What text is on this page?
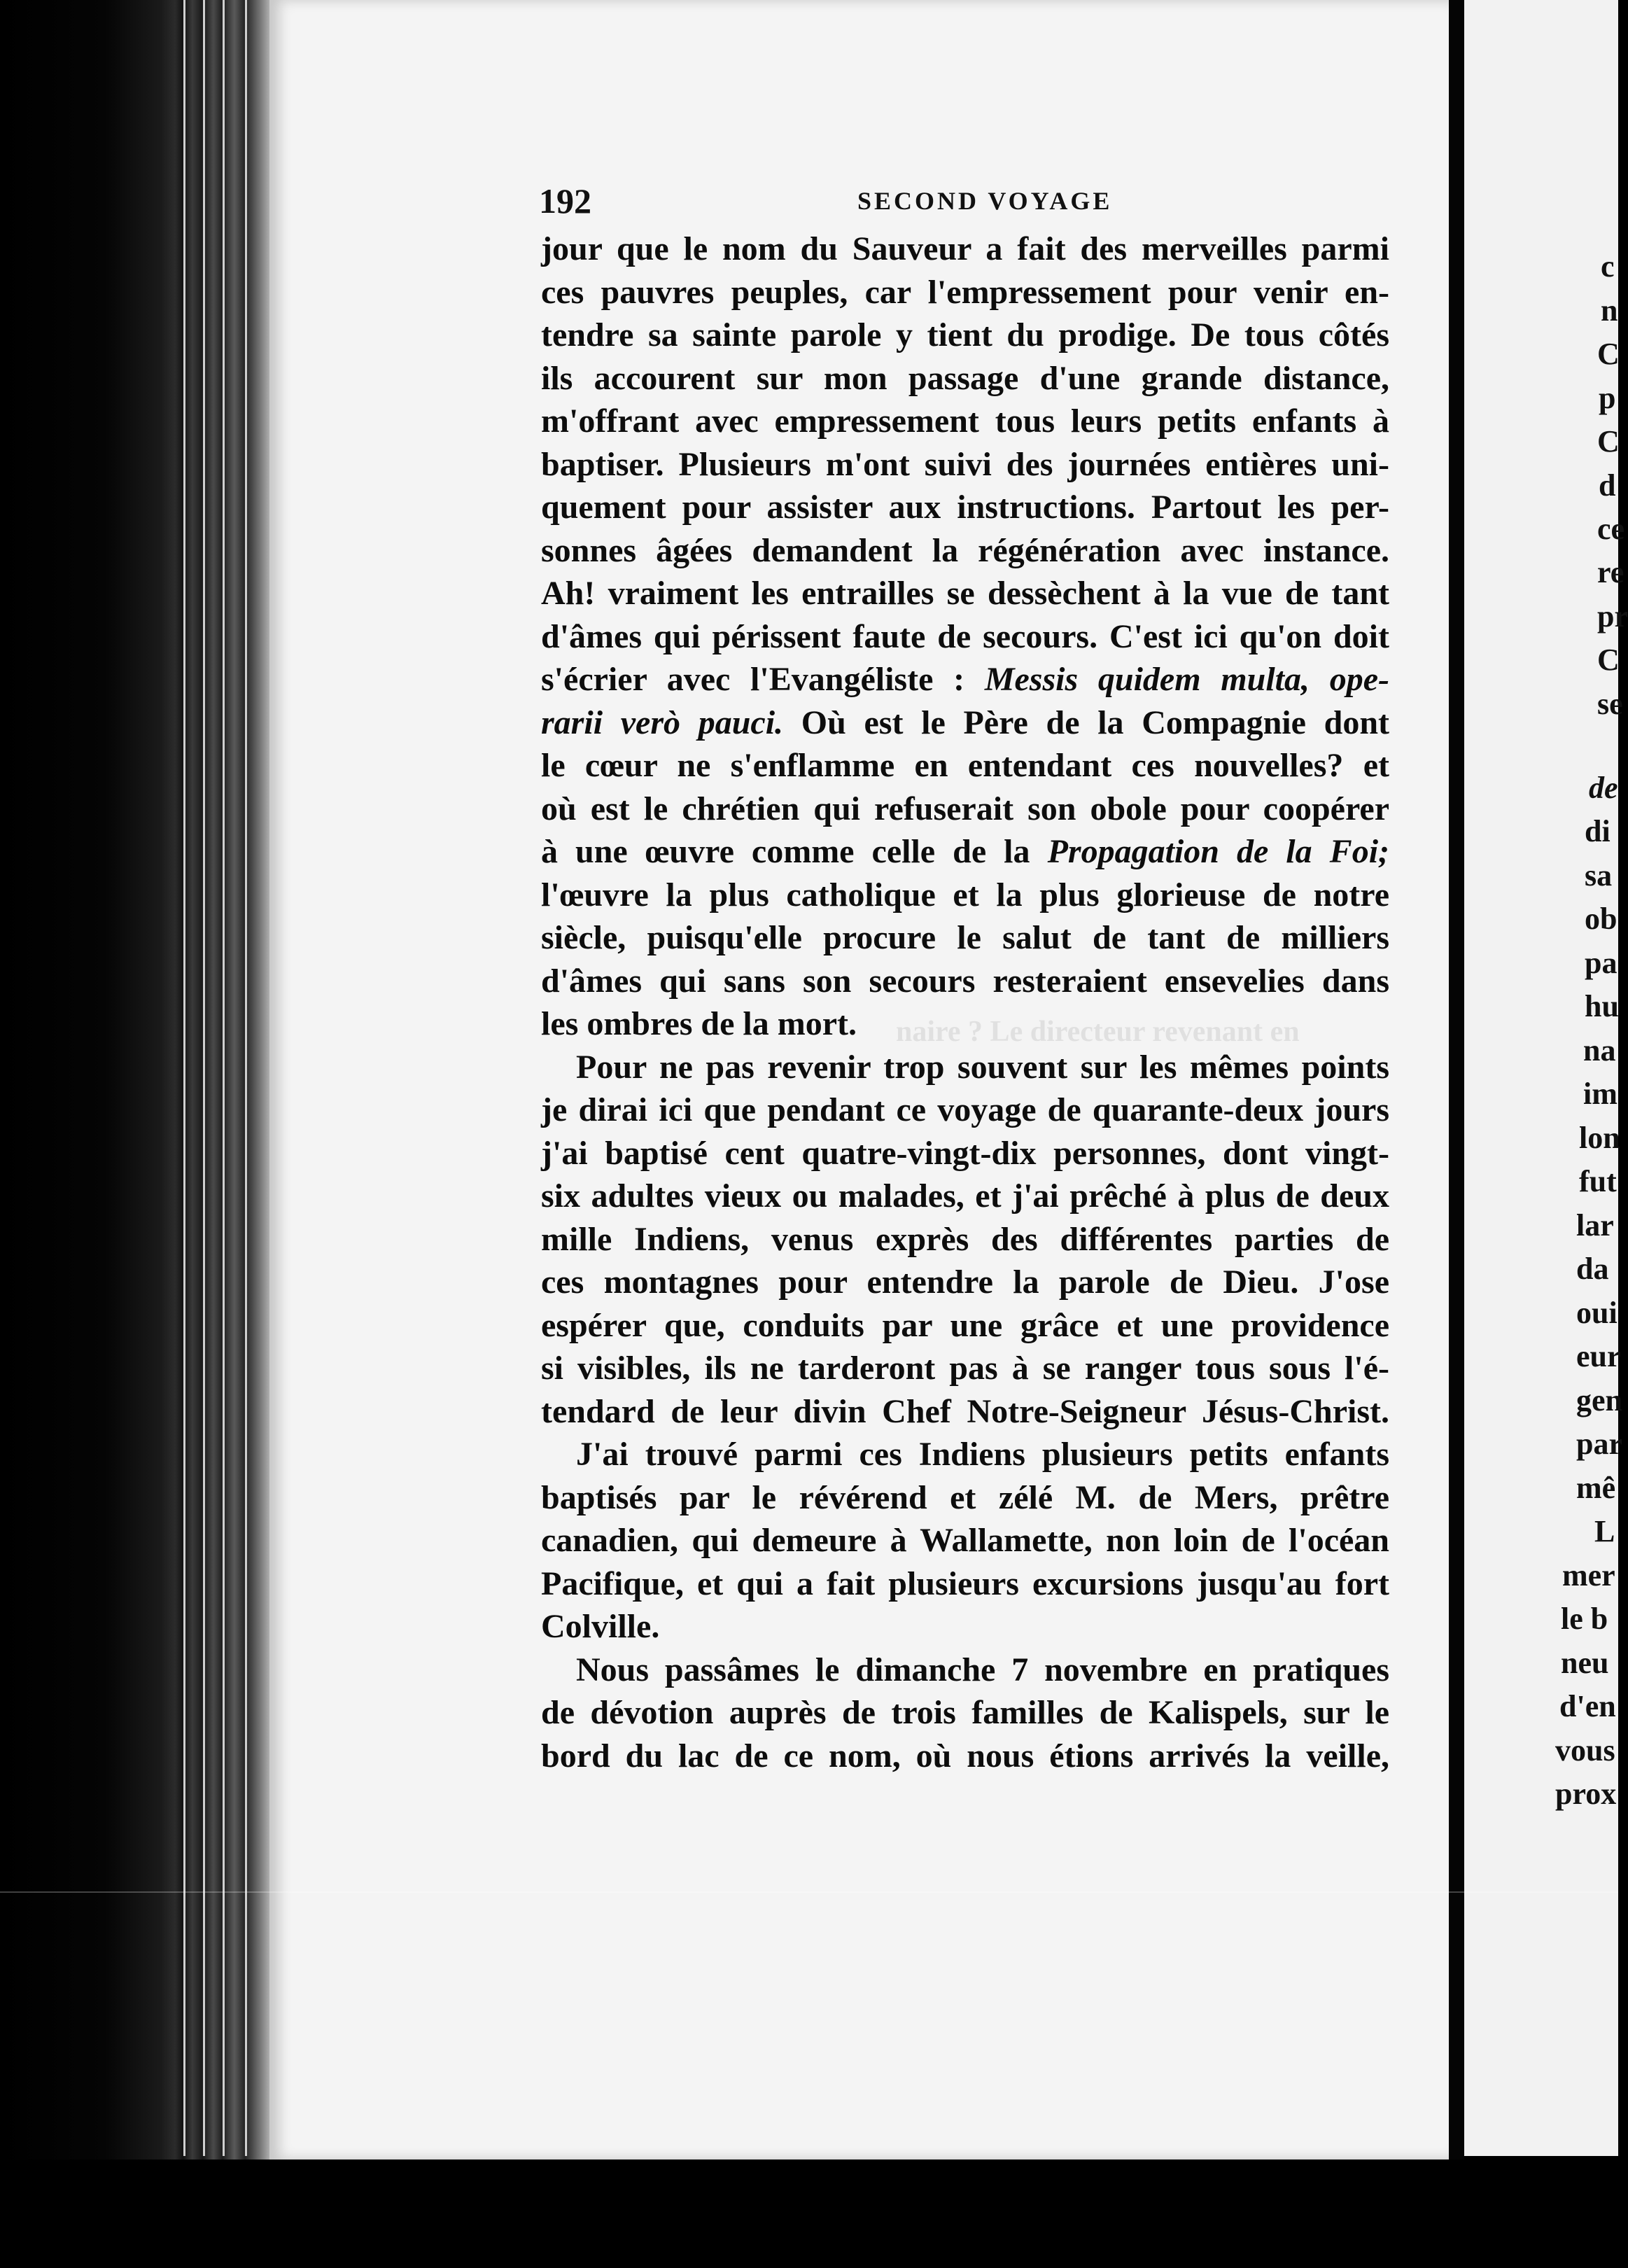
c
n
C
p
C
d
ce
re
pr
C
se
de
di
sa
ob
pa
hu
na
im
lon
fut
lar
da
oui
eur
gen
par
mê
L
mer
le b
neu
d'en
vous
prox
naire ? Le directeur revenant en
192	SECOND VOYAGE
jour que le nom du Sauveur a fait des merveilles parmi
ces pauvres peuples, car l'empressement pour venir en-
tendre sa sainte parole y tient du prodige. De tous côtés
ils accourent sur mon passage d'une grande distance,
m'offrant avec empressement tous leurs petits enfants à
baptiser. Plusieurs m'ont suivi des journées entières uni-
quement pour assister aux instructions. Partout les per-
sonnes âgées demandent la régénération avec instance.
Ah! vraiment les entrailles se dessèchent à la vue de tant
d'âmes qui périssent faute de secours. C'est ici qu'on doit
s'écrier avec l'Evangéliste : Messis quidem multa, ope-
rarii verò pauci. Où est le Père de la Compagnie dont
le cœur ne s'enflamme en entendant ces nouvelles? et
où est le chrétien qui refuserait son obole pour coopérer
à une œuvre comme celle de la Propagation de la Foi;
l'œuvre la plus catholique et la plus glorieuse de notre
siècle, puisqu'elle procure le salut de tant de milliers
d'âmes qui sans son secours resteraient ensevelies dans
les ombres de la mort.
Pour ne pas revenir trop souvent sur les mêmes points
je dirai ici que pendant ce voyage de quarante-deux jours
j'ai baptisé cent quatre-vingt-dix personnes, dont vingt-
six adultes vieux ou malades, et j'ai prêché à plus de deux
mille Indiens, venus exprès des différentes parties de
ces montagnes pour entendre la parole de Dieu. J'ose
espérer que, conduits par une grâce et une providence
si visibles, ils ne tarderont pas à se ranger tous sous l'é-
tendard de leur divin Chef Notre-Seigneur Jésus-Christ.
J'ai trouvé parmi ces Indiens plusieurs petits enfants
baptisés par le révérend et zélé M. de Mers, prêtre
canadien, qui demeure à Wallamette, non loin de l'océan
Pacifique, et qui a fait plusieurs excursions jusqu'au fort
Colville.
Nous passâmes le dimanche 7 novembre en pratiques
de dévotion auprès de trois familles de Kalispels, sur le
bord du lac de ce nom, où nous étions arrivés la veille,
